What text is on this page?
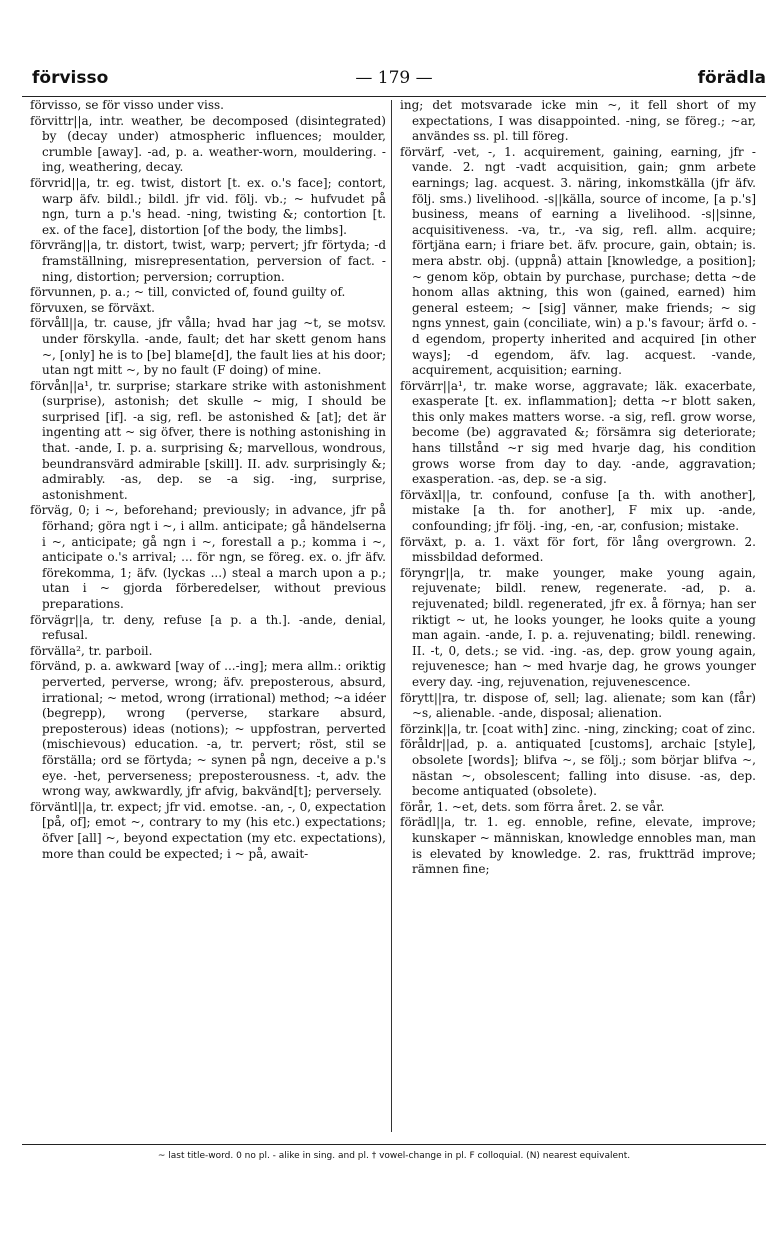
förvisso	— 179 —	förädla

förvisso, se för visso under viss.

förvittr||a, intr. weather, be decomposed (disintegrated) by (decay under) atmospheric influences; moulder, crumble [away]. -ad, p. a. weather-worn, mouldering. -ing, weathering, decay.

förvrid||a, tr. eg. twist, distort [t. ex. o.'s face]; contort, warp äfv. bildl.; bildl. jfr vid. följ. vb.; ~ hufvudet på ngn, turn a p.'s head. -ning, twisting &; contortion [t. ex. of the face], distortion [of the body, the limbs].

förvräng||a, tr. distort, twist, warp; pervert; jfr förtyda; -d framställning, misrepresentation, perversion of fact. -ning, distortion; perversion; corruption.

förvunnen, p. a.; ~ till, convicted of, found guilty of.

förvuxen, se förväxt.

förvåll||a, tr. cause, jfr vålla; hvad har jag ~t, se motsv. under förskylla. -ande, fault; det har skett genom hans ~, [only] he is to [be] blame[d], the fault lies at his door; utan ngt mitt ~, by no fault (F doing) of mine.

förvån||a¹, tr. surprise; starkare strike with astonishment (surprise), astonish; det skulle ~ mig, I should be surprised [if]. -a sig, refl. be astonished & [at]; det är ingenting att ~ sig öfver, there is nothing astonishing in that. -ande, I. p. a. surprising &; marvellous, wondrous, beundransvärd admirable [skill]. II. adv. surprisingly &; admirably. -as, dep. se -a sig. -ing, surprise, astonishment.

förväg, 0; i ~, beforehand; previously; in advance, jfr på förhand; göra ngt i ~, i allm. anticipate; gå händelserna i ~, anticipate; gå ngn i ~, forestall a p.; komma i ~, anticipate o.'s arrival; ... för ngn, se föreg. ex. o. jfr äfv. förekomma, 1; äfv. (lyckas ...) steal a march upon a p.; utan i ~ gjorda förberedelser, without previous preparations.

förvägr||a, tr. deny, refuse [a p. a th.]. -ande, denial, refusal.

förvälla², tr. parboil.

förvänd, p. a. awkward [way of ...-ing]; mera allm.: oriktig perverted, perverse, wrong; äfv. preposterous, absurd, irrational; ~ metod, wrong (irrational) method; ~a idéer (begrepp), wrong (perverse, starkare absurd, preposterous) ideas (notions); ~ uppfostran, perverted (mischievous) education. -a, tr. pervert; röst, stil se förställa; ord se förtyda; ~ synen på ngn, deceive a p.'s eye. -het, perverseness; preposterousness. -t, adv. the wrong way, awkwardly, jfr afvig, bakvänd[t]; perversely.

förväntl||a, tr. expect; jfr vid. emotse. -an, -, 0, expectation [på, of]; emot ~, contrary to my (his etc.) expectations; öfver [all] ~, beyond expectation (my etc. expectations), more than could be expected; i ~ på, await-

ing; det motsvarade icke min ~, it fell short of my expectations, I was disappointed. -ning, se föreg.; ~ar, användes ss. pl. till föreg.

förvärf, -vet, -, 1. acquirement, gaining, earning, jfr -vande. 2. ngt -vadt acquisition, gain; gnm arbete earnings; lag. acquest. 3. näring, inkomstkälla (jfr äfv. följ. sms.) livelihood. -s||källa, source of income, [a p.'s] business, means of earning a livelihood. -s||sinne, acquisitiveness. -va, tr., -va sig, refl. allm. acquire; förtjäna earn; i friare bet. äfv. procure, gain, obtain; is. mera abstr. obj. (uppnå) attain [knowledge, a position]; ~ genom köp, obtain by purchase, purchase; detta ~de honom allas aktning, this won (gained, earned) him general esteem; ~ [sig] vänner, make friends; ~ sig ngns ynnest, gain (conciliate, win) a p.'s favour; ärfd o. -d egendom, property inherited and acquired [in other ways]; -d egendom, äfv. lag. acquest. -vande, acquirement, acquisition; earning.

förvärr||a¹, tr. make worse, aggravate; läk. exacerbate, exasperate [t. ex. inflammation]; detta ~r blott saken, this only makes matters worse. -a sig, refl. grow worse, become (be) aggravated &; försämra sig deteriorate; hans tillstånd ~r sig med hvarje dag, his condition grows worse from day to day. -ande, aggravation; exasperation. -as, dep. se -a sig.

förväxl||a, tr. confound, confuse [a th. with another], mistake [a th. for another], F mix up. -ande, confounding; jfr följ. -ing, -en, -ar, confusion; mistake.

förväxt, p. a. 1. växt för fort, för lång overgrown. 2. missbildad deformed.

föryngr||a, tr. make younger, make young again, rejuvenate; bildl. renew, regenerate. -ad, p. a. rejuvenated; bildl. regenerated, jfr ex. å förnya; han ser riktigt ~ ut, he looks younger, he looks quite a young man again. -ande, I. p. a. rejuvenating; bildl. renewing. II. -t, 0, dets.; se vid. -ing. -as, dep. grow young again, rejuvenesce; han ~ med hvarje dag, he grows younger every day. -ing, rejuvenation, rejuvenescence.

förytt||ra, tr. dispose of, sell; lag. alienate; som kan (får) ~s, alienable. -ande, disposal; alienation.

förzink||a, tr. [coat with] zinc. -ning, zincking; coat of zinc.

föråldr||ad, p. a. antiquated [customs], archaic [style], obsolete [words]; blifva ~, se följ.; som börjar blifva ~, nästan ~, obsolescent; falling into disuse. -as, dep. become antiquated (obsolete).

förår, 1. ~et, dets. som förra året. 2. se vår.

förädl||a, tr. 1. eg. ennoble, refine, elevate, improve; kunskaper ~ människan, knowledge ennobles man, man is elevated by knowledge. 2. ras, fruktträd improve; rämnen fine;

~ last title-word. 0 no pl. - alike in sing. and pl. † vowel-change in pl. F colloquial. (N) nearest equivalent.
